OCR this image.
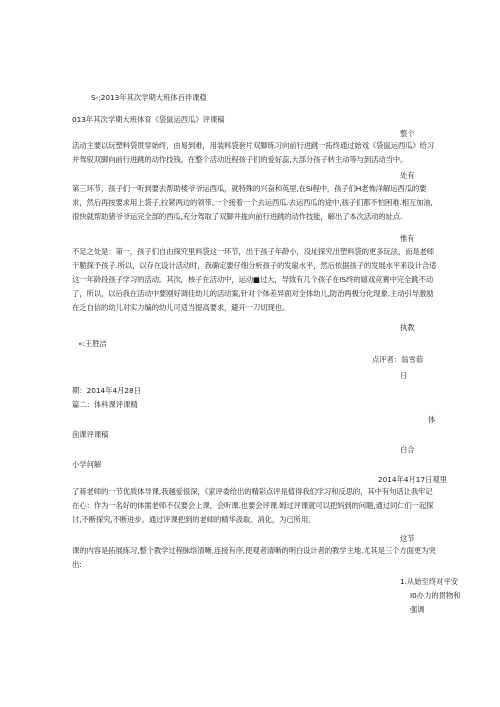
S-;2013年其次学期大班体百伴课稳
013年其次学期大班体育《袋鼠运西瓜》评课稿
整个
活动主要以玩塑料袋贯穿始终，由易到难，用装料袋套片双脚练习向前行进跳一拓终通过始戏《袋鼠运西瓜》给习
并驾驭双脚向前行进跳的动作技钱。在整个活动近程孩子们的爱好蕊,大部分孩子转主动等与到活动当中。
处有
第三环节，孩子们一听到要去帮助楼爷爷运西瓜，就特殊的兴奋和英里,在Si程中，孩子们H老怖洋解运西瓜的要
求，然后再按要求用上袋子,拉紧两边的领带,一个接着一个去运西瓜.去运西瓜的途中,孩子们都不怕困难.相互加油,
很快就帮助猪爷爷运完全部的西瓜,充分驾取了双脚并拢向前行进跳的动作技能，解出了本次活动的址点.
惟有
不足之处是：第一，孩子们自由探究里料袋这一环节，出于孩子年龄小，没址探究出塑料袋的更多玩法，而是老师
干脆探予孩子.所以，以存在设计活动时，我确定要仔细分析孩子的发雇水平，然后依据孩子的发展水平来设计合适
这一年龄段孩子学习的活动。其次，核子在活动中，运动■过大，导致有几个孩子在IS终的嬉戏竞赛中完全跳不动
了，所以，以后我在活动中要刚好调佳幼儿的活动案,针对个体差异面对全体幼儿,防治两极分化现象.主动引导激励
在乏自信的幼儿对实力编的幼儿可适当提高要求，避开一刀切现也。
执教
«:王胜洁
点评者：翁雪茹
日
期：2014年4月28日
篇二：体科课评课精
体
囱课评课稿
白合
小学何解
2014年4月17日观里
了蒋老师的一节优质体导课,我越爱很深，《家评委给出的精彩点评是值得我们学习和反思的，其中有句话让我牢记
在心：作为一名好的体需老师不仅要会上课，会听课.也要会评课.姆过评课就可以把妈到的问题,通过同仁们一起探
讨,不断探究,不断进步。通过评课把到的老师的精华汲取、消化，为已所用。
这节
课的内容是拓展练习,整个教学过程脉络清晰,连接有序,使观者清晰的明白设计者的教学主地.尤其是三个方面更为突
出:
1.从始至终对平安
I0办力的贯物和
强调
